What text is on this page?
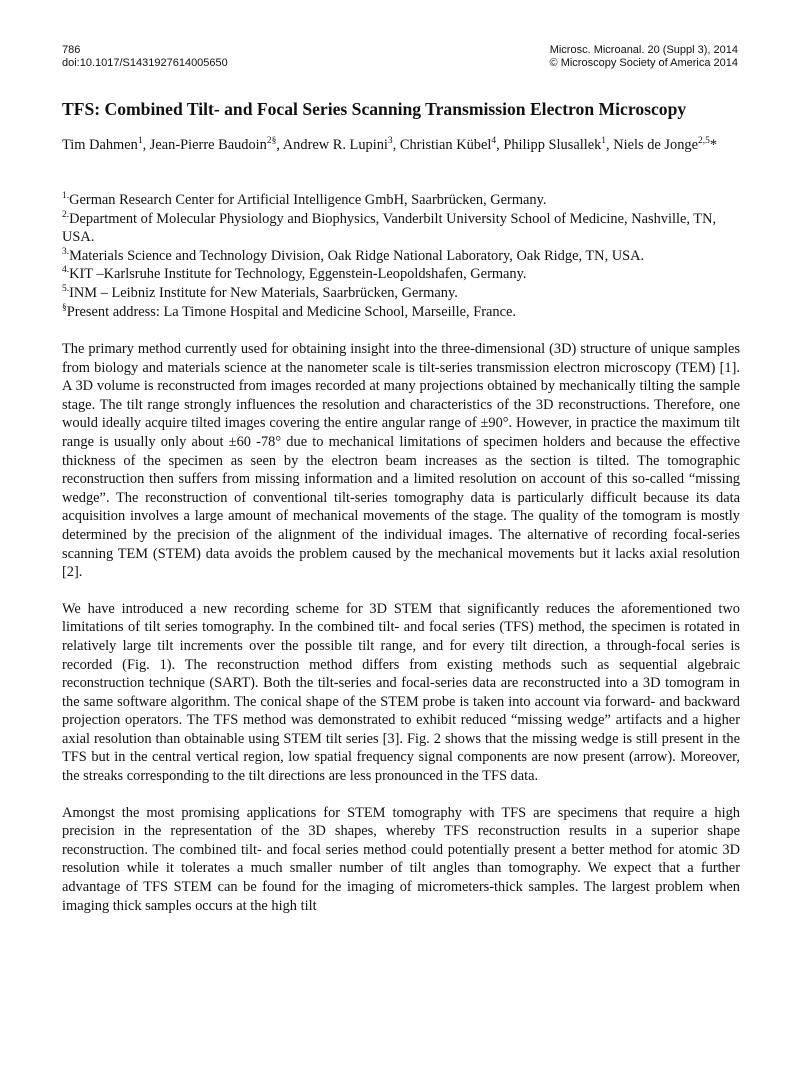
786
doi:10.1017/S1431927614005650
Microsc. Microanal. 20 (Suppl 3), 2014
© Microscopy Society of America 2014
TFS: Combined Tilt- and Focal Series Scanning Transmission Electron Microscopy
Tim Dahmen$^1$, Jean-Pierre Baudoin$^{2\S}$, Andrew R. Lupini$^3$, Christian Kübel$^4$, Philipp Slusallek$^1$, Niels de Jonge$^{2,5}$*

$^{1.}$German Research Center for Artificial Intelligence GmbH, Saarbrücken, Germany.

$^{2.}$Department of Molecular Physiology and Biophysics, Vanderbilt University School of Medicine, Nashville, TN, USA.

$^{3.}$Materials Science and Technology Division, Oak Ridge National Laboratory, Oak Ridge, TN, USA.

$^{4.}$KIT –Karlsruhe Institute for Technology, Eggenstein-Leopoldshafen, Germany.

$^{5.}$INM – Leibniz Institute for New Materials, Saarbrücken, Germany.

§Present address: La Timone Hospital and Medicine School, Marseille, France.

The primary method currently used for obtaining insight into the three-dimensional (3D) structure of unique samples from biology and materials science at the nanometer scale is tilt-series transmission electron microscopy (TEM) [1]. A 3D volume is reconstructed from images recorded at many projections obtained by mechanically tilting the sample stage. The tilt range strongly influences the resolution and characteristics of the 3D reconstructions. Therefore, one would ideally acquire tilted images covering the entire angular range of ±90°. However, in practice the maximum tilt range is usually only about ±60 -78° due to mechanical limitations of specimen holders and because the effective thickness of the specimen as seen by the electron beam increases as the section is tilted. The tomographic reconstruction then suffers from missing information and a limited resolution on account of this so-called “missing wedge”. The reconstruction of conventional tilt-series tomography data is particularly difficult because its data acquisition involves a large amount of mechanical movements of the stage. The quality of the tomogram is mostly determined by the precision of the alignment of the individual images. The alternative of recording focal-series scanning TEM (STEM) data avoids the problem caused by the mechanical movements but it lacks axial resolution [2].

We have introduced a new recording scheme for 3D STEM that significantly reduces the aforementioned two limitations of tilt series tomography. In the combined tilt- and focal series (TFS) method, the specimen is rotated in relatively large tilt increments over the possible tilt range, and for every tilt direction, a through-focal series is recorded (Fig. 1). The reconstruction method differs from existing methods such as sequential algebraic reconstruction technique (SART). Both the tilt-series and focal-series data are reconstructed into a 3D tomogram in the same software algorithm. The conical shape of the STEM probe is taken into account via forward- and backward projection operators. The TFS method was demonstrated to exhibit reduced “missing wedge” artifacts and a higher axial resolution than obtainable using STEM tilt series [3]. Fig. 2 shows that the missing wedge is still present in the TFS but in the central vertical region, low spatial frequency signal components are now present (arrow). Moreover, the streaks corresponding to the tilt directions are less pronounced in the TFS data.

Amongst the most promising applications for STEM tomography with TFS are specimens that require a high precision in the representation of the 3D shapes, whereby TFS reconstruction results in a superior shape reconstruction. The combined tilt- and focal series method could potentially present a better method for atomic 3D resolution while it tolerates a much smaller number of tilt angles than tomography. We expect that a further advantage of TFS STEM can be found for the imaging of micrometers-thick samples. The largest problem when imaging thick samples occurs at the high tilt
